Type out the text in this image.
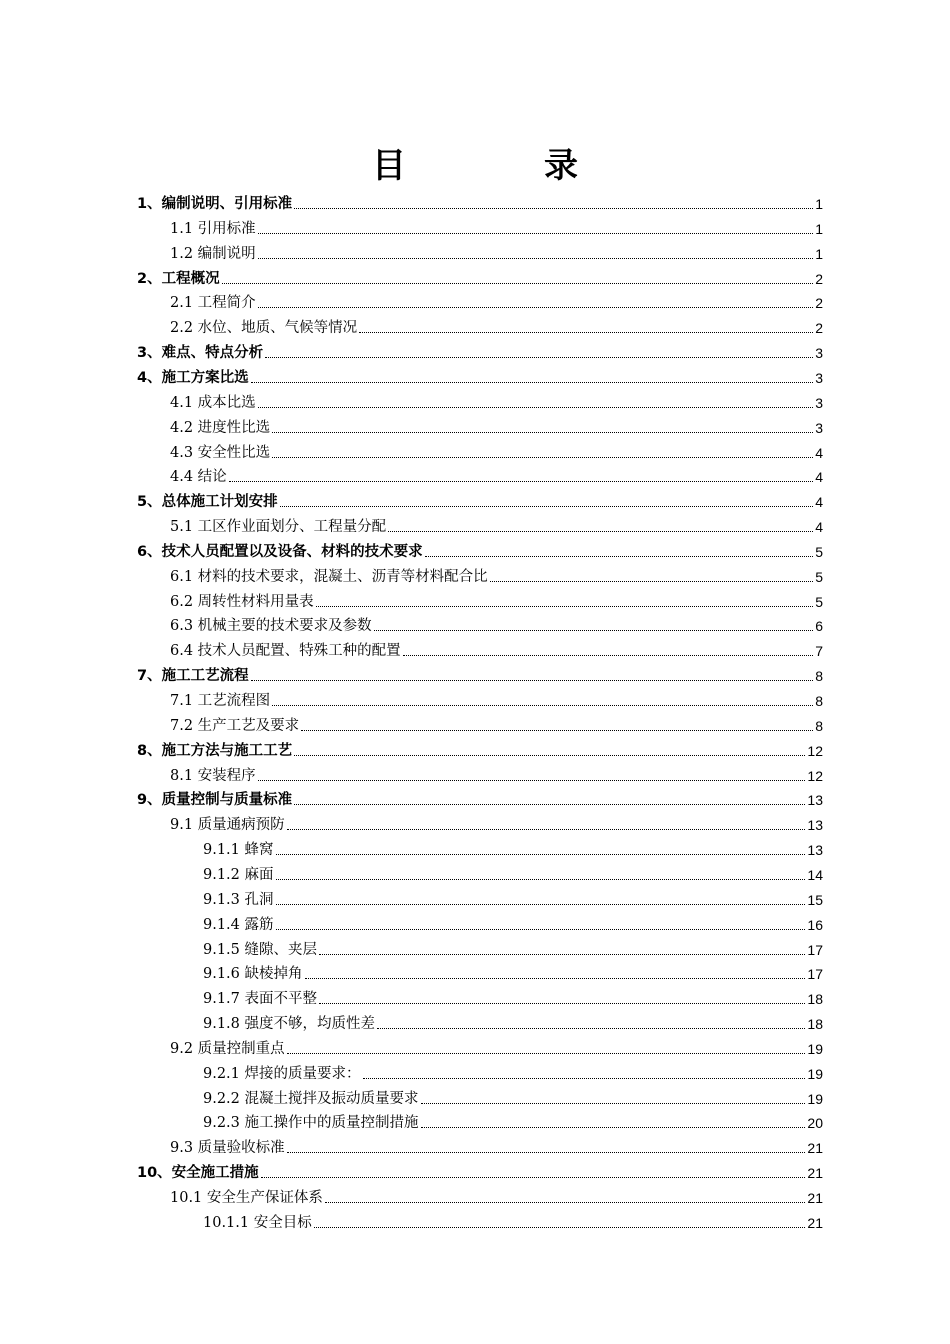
目　录
1、编制说明、引用标准	1
1.1 引用标准	1
1.2 编制说明	1
2、工程概况	2
2.1 工程简介	2
2.2 水位、地质、气候等情况	2
3、难点、特点分析	3
4、施工方案比选	3
4.1 成本比选	3
4.2 进度性比选	3
4.3 安全性比选	4
4.4 结论	4
5、总体施工计划安排	4
5.1 工区作业面划分、工程量分配	4
6、技术人员配置以及设备、材料的技术要求	5
6.1 材料的技术要求，混凝土、沥青等材料配合比	5
6.2 周转性材料用量表	5
6.3 机械主要的技术要求及参数	6
6.4 技术人员配置、特殊工种的配置	7
7、施工工艺流程	8
7.1 工艺流程图	8
7.2 生产工艺及要求	8
8、施工方法与施工工艺	12
8.1 安装程序	12
9、质量控制与质量标准	13
9.1 质量通病预防	13
9.1.1 蜂窝	13
9.1.2 麻面	14
9.1.3 孔洞	15
9.1.4 露筋	16
9.1.5 缝隙、夹层	17
9.1.6 缺棱掉角	17
9.1.7 表面不平整	18
9.1.8 强度不够，均质性差	18
9.2 质量控制重点	19
9.2.1 焊接的质量要求：	19
9.2.2 混凝土搅拌及振动质量要求	19
9.2.3 施工操作中的质量控制措施	20
9.3 质量验收标准	21
10、安全施工措施	21
10.1 安全生产保证体系	21
10.1.1 安全目标	21
